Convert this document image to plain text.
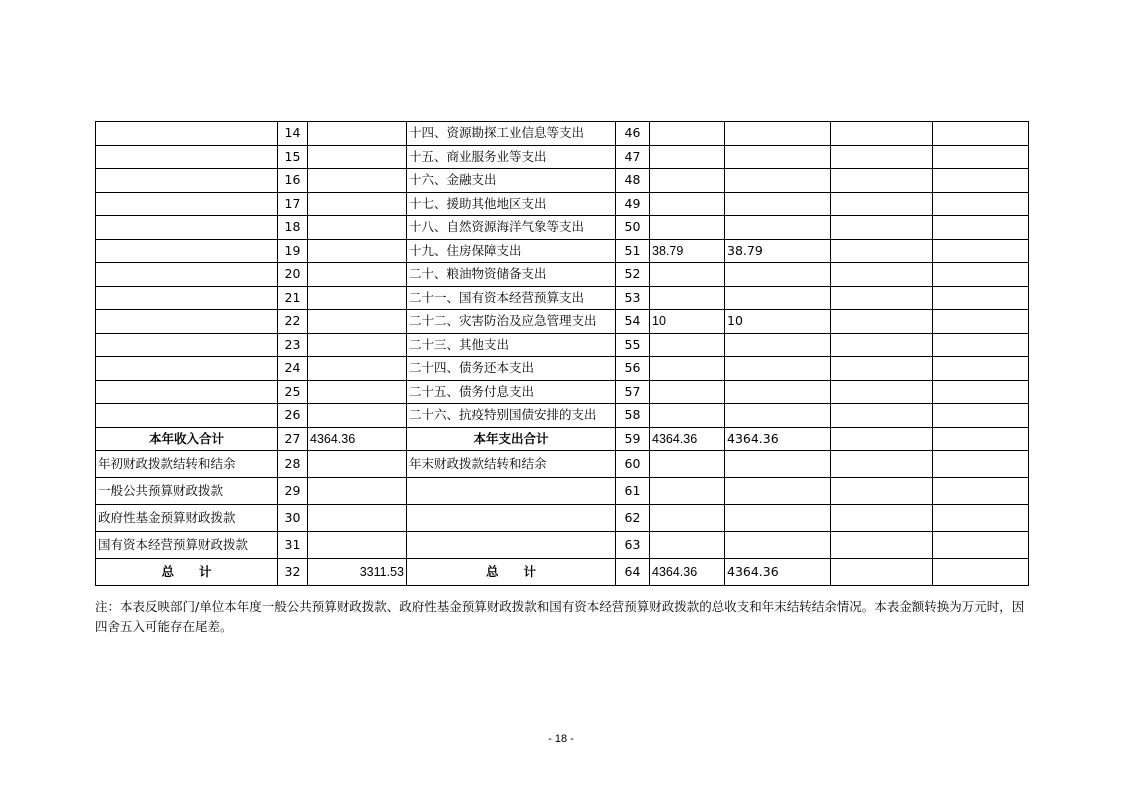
	14		十四、资源勘探工业信息等支出	46				
	15		十五、商业服务业等支出	47				
	16		十六、金融支出	48				
	17		十七、援助其他地区支出	49				
	18		十八、自然资源海洋气象等支出	50				
	19		十九、住房保障支出	51	38.79	38.79		
	20		二十、粮油物资储备支出	52				
	21		二十一、国有资本经营预算支出	53				
	22		二十二、灾害防治及应急管理支出	54	10	10		
	23		二十三、其他支出	55				
	24		二十四、债务还本支出	56				
	25		二十五、债务付息支出	57				
	26		二十六、抗疫特别国债安排的支出	58				
本年收入合计	27	4364.36	本年支出合计	59	4364.36	4364.36		
年初财政拨款结转和结余	28		年末财政拨款结转和结余	60				
一般公共预算财政拨款	29			61				
政府性基金预算财政拨款	30			62				
国有资本经营预算财政拨款	31			63				
总　　计	32	3311.53	总　　计	64	4364.36	4364.36		
注：本表反映部门/单位本年度一般公共预算财政拨款、政府性基金预算财政拨款和国有资本经营预算财政拨款的总收支和年末结转结余情况。本表金额转换为万元时，因四舍五入可能存在尾差。
- 18 -
